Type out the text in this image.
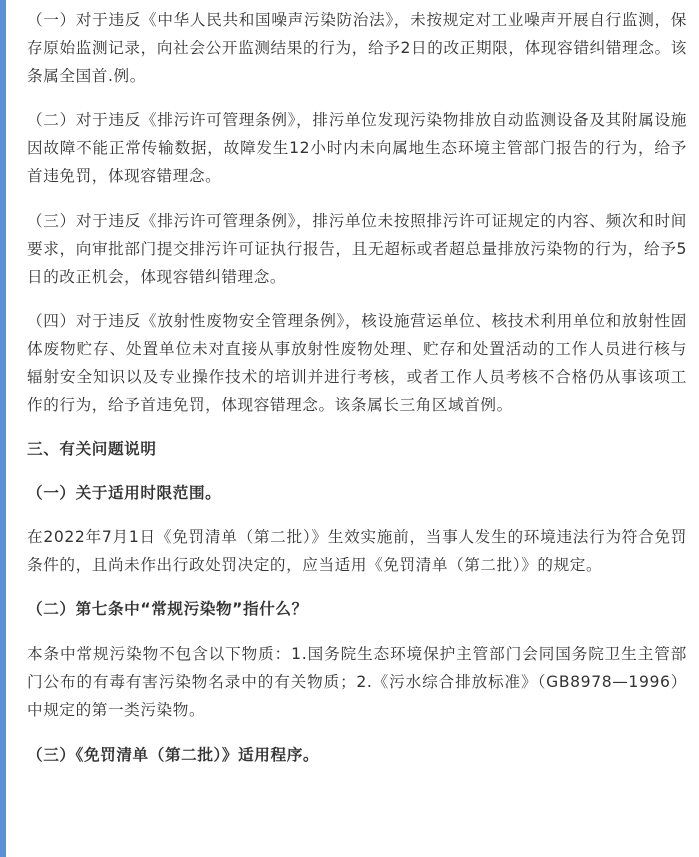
（一）对于违反《中华人民共和国噪声污染防治法》，未按规定对工业噪声开展自行监测，保存原始监测记录，向社会公开监测结果的行为，给予2日的改正期限，体现容错纠错理念。该条属全国首.例。

（二）对于违反《排污许可管理条例》，排污单位发现污染物排放自动监测设备及其附属设施因故障不能正常传输数据，故障发生12小时内未向属地生态环境主管部门报告的行为，给予首违免罚，体现容错理念。

（三）对于违反《排污许可管理条例》，排污单位未按照排污许可证规定的内容、频次和时间要求，向审批部门提交排污许可证执行报告，且无超标或者超总量排放污染物的行为，给予5日的改正机会，体现容错纠错理念。

（四）对于违反《放射性废物安全管理条例》，核设施营运单位、核技术利用单位和放射性固体废物贮存、处置单位未对直接从事放射性废物处理、贮存和处置活动的工作人员进行核与辐射安全知识以及专业操作技术的培训并进行考核，或者工作人员考核不合格仍从事该项工作的行为，给予首违免罚，体现容错理念。该条属长三角区域首例。

三、有关问题说明

（一）关于适用时限范围。

在2022年7月1日《免罚清单（第二批）》生效实施前，当事人发生的环境违法行为符合免罚条件的，且尚未作出行政处罚决定的，应当适用《免罚清单（第二批）》的规定。

（二）第七条中“常规污染物”指什么？

本条中常规污染物不包含以下物质：1.国务院生态环境保护主管部门会同国务院卫生主管部门公布的有毒有害污染物名录中的有关物质；2.《污水综合排放标准》（GB8978—1996）中规定的第一类污染物。

（三）《免罚清单（第二批）》适用程序。
